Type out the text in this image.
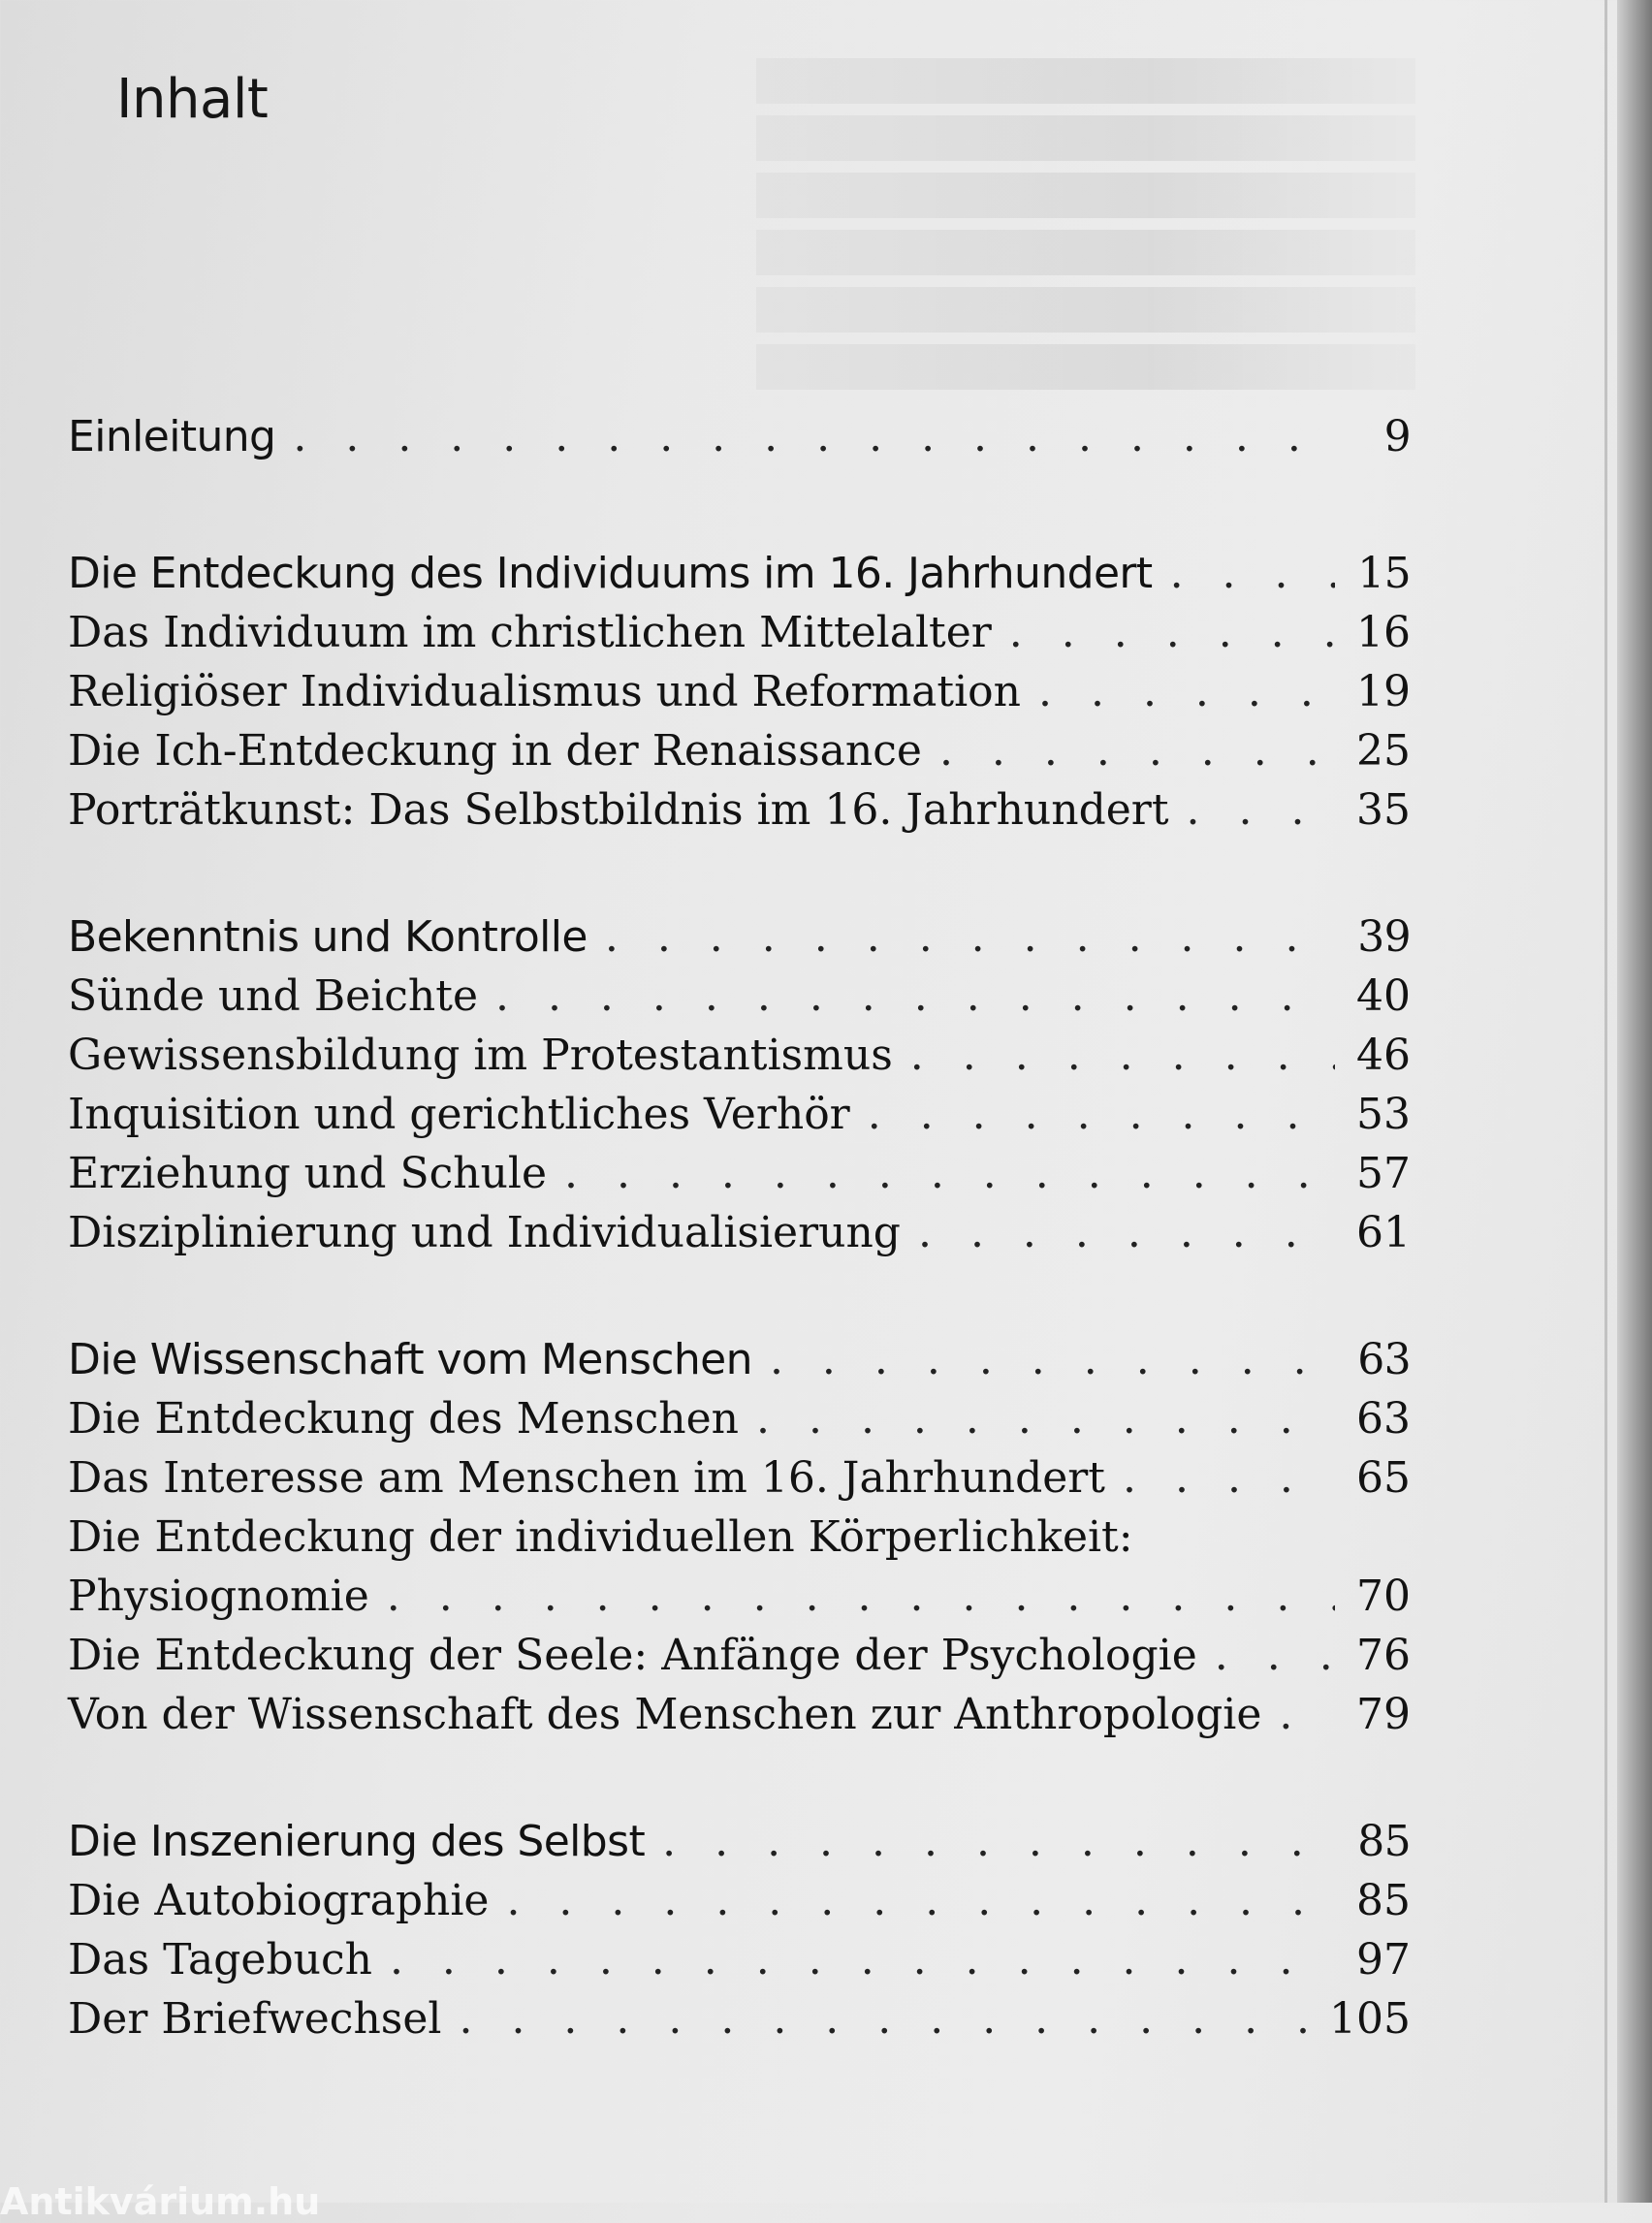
Inhalt
Einleitung . . .	9
Die Entdeckung des Individuums im 16. Jahrhundert . . .	15
Das Individuum im christlichen Mittelalter . . .	16
Religiöser Individualismus und Reformation . . .	19
Die Ich-Entdeckung in der Renaissance . . .	25
Porträtkunst: Das Selbstbildnis im 16. Jahrhundert . . .	35
Bekenntnis und Kontrolle . . .	39
Sünde und Beichte . . .	40
Gewissensbildung im Protestantismus . . .	46
Inquisition und gerichtliches Verhör . . .	53
Erziehung und Schule . . .	57
Disziplinierung und Individualisierung . . .	61
Die Wissenschaft vom Menschen . . .	63
Die Entdeckung des Menschen . . .	63
Das Interesse am Menschen im 16. Jahrhundert . . .	65
Die Entdeckung der individuellen Körperlichkeit:
Physiognomie . . .	70
Die Entdeckung der Seele: Anfänge der Psychologie . . .	76
Von der Wissenschaft des Menschen zur Anthropologie . . . 79
Die Inszenierung des Selbst . . .	85
Die Autobiographie . . .	85
Das Tagebuch . . .	97
Der Briefwechsel . . .	105

Antikvárium.hu
